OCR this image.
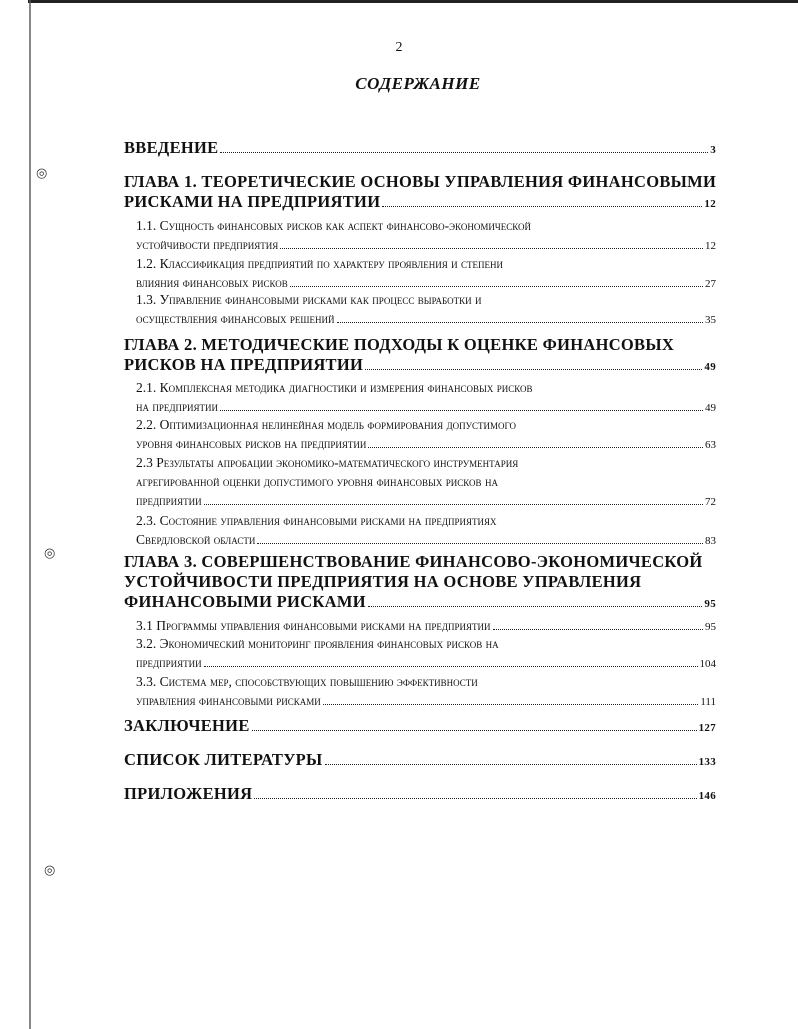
◎
◎
◎
2
СОДЕРЖАНИЕ
ВВЕДЕНИЕ	3
ГЛАВА 1. ТЕОРЕТИЧЕСКИЕ ОСНОВЫ УПРАВЛЕНИЯ ФИНАНСОВЫМИ
РИСКАМИ НА ПРЕДПРИЯТИИ	12
1.1. Сущность финансовых рисков как аспект финансово-экономической
устойчивости предприятия	12
1.2. Классификация предприятий по характеру проявления и степени
влияния финансовых рисков	27
1.3. Управление финансовыми рисками как процесс выработки и
осуществления финансовых решений	35
ГЛАВА 2. МЕТОДИЧЕСКИЕ ПОДХОДЫ К ОЦЕНКЕ ФИНАНСОВЫХ
РИСКОВ НА ПРЕДПРИЯТИИ	49
2.1. Комплексная методика диагностики и измерения финансовых рисков
на предприятии	49
2.2. Оптимизационная нелинейная модель формирования допустимого
уровня финансовых рисков на предприятии	63
2.3 Результаты апробации экономико-математического инструментария
агрегированной оценки допустимого уровня финансовых рисков на
предприятии	72
2.3. Состояние управления финансовыми рисками на предприятиях
Свердловской области	83
ГЛАВА 3. СОВЕРШЕНСТВОВАНИЕ ФИНАНСОВО-ЭКОНОМИЧЕСКОЙ
УСТОЙЧИВОСТИ ПРЕДПРИЯТИЯ НА ОСНОВЕ УПРАВЛЕНИЯ
ФИНАНСОВЫМИ РИСКАМИ	95
3.1 Программы управления финансовыми рисками на предприятии	95
3.2. Экономический мониторинг проявления финансовых рисков на
предприятии	104
3.3. Система мер, способствующих повышению эффективности
управления финансовыми рисками	111
ЗАКЛЮЧЕНИЕ	127
СПИСОК ЛИТЕРАТУРЫ	133
ПРИЛОЖЕНИЯ	146
